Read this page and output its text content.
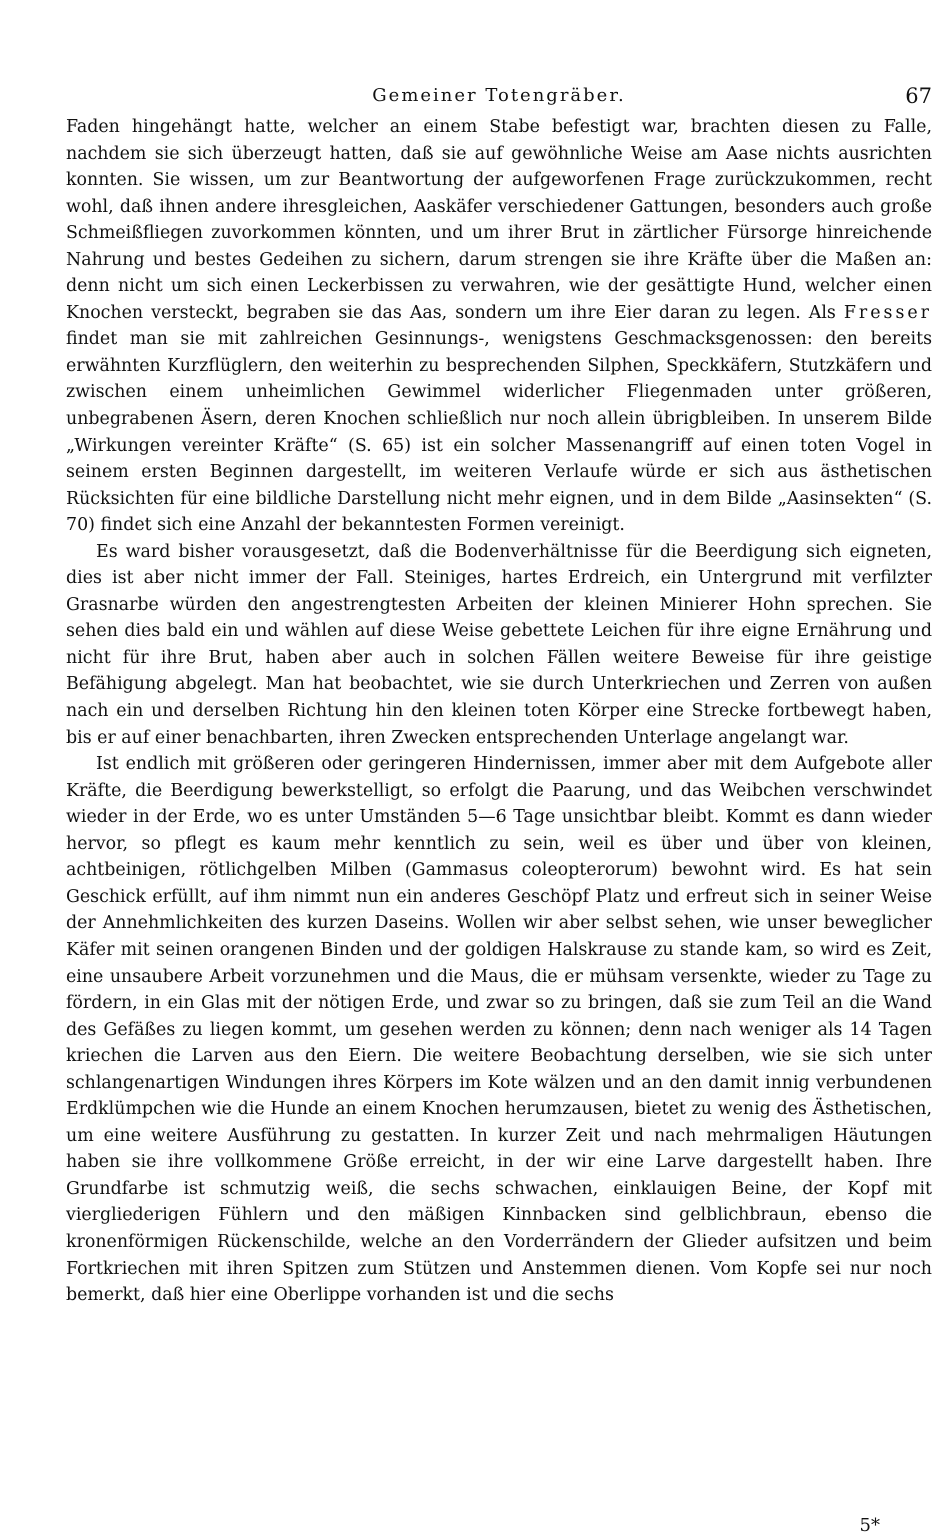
Gemeiner Totengräber.	67

Faden hingehängt hatte, welcher an einem Stabe befestigt war, brachten diesen zu Falle, nachdem sie sich überzeugt hatten, daß sie auf gewöhnliche Weise am Aase nichts ausrichten konnten. Sie wissen, um zur Beantwortung der aufgeworfenen Frage zurückzukommen, recht wohl, daß ihnen andere ihresgleichen, Aaskäfer verschiedener Gattungen, besonders auch große Schmeißfliegen zuvorkommen könnten, und um ihrer Brut in zärtlicher Fürsorge hinreichende Nahrung und bestes Gedeihen zu sichern, darum strengen sie ihre Kräfte über die Maßen an: denn nicht um sich einen Leckerbissen zu verwahren, wie der gesättigte Hund, welcher einen Knochen versteckt, begraben sie das Aas, sondern um ihre Eier daran zu legen. Als Fresser findet man sie mit zahlreichen Gesinnungs-, wenigstens Geschmacksgenossen: den bereits erwähnten Kurzflüglern, den weiterhin zu besprechenden Silphen, Speckkäfern, Stutzkäfern und zwischen einem unheimlichen Gewimmel widerlicher Fliegenmaden unter größeren, unbegrabenen Äsern, deren Knochen schließlich nur noch allein übrigbleiben. In unserem Bilde „Wirkungen vereinter Kräfte“ (S. 65) ist ein solcher Massenangriff auf einen toten Vogel in seinem ersten Beginnen dargestellt, im weiteren Verlaufe würde er sich aus ästhetischen Rücksichten für eine bildliche Darstellung nicht mehr eignen, und in dem Bilde „Aasinsekten“ (S. 70) findet sich eine Anzahl der bekanntesten Formen vereinigt.

Es ward bisher vorausgesetzt, daß die Bodenverhältnisse für die Beerdigung sich eigneten, dies ist aber nicht immer der Fall. Steiniges, hartes Erdreich, ein Untergrund mit verfilzter Grasnarbe würden den angestrengtesten Arbeiten der kleinen Minierer Hohn sprechen. Sie sehen dies bald ein und wählen auf diese Weise gebettete Leichen für ihre eigne Ernährung und nicht für ihre Brut, haben aber auch in solchen Fällen weitere Beweise für ihre geistige Befähigung abgelegt. Man hat beobachtet, wie sie durch Unterkriechen und Zerren von außen nach ein und derselben Richtung hin den kleinen toten Körper eine Strecke fortbewegt haben, bis er auf einer benachbarten, ihren Zwecken entsprechenden Unterlage angelangt war.

Ist endlich mit größeren oder geringeren Hindernissen, immer aber mit dem Aufgebote aller Kräfte, die Beerdigung bewerkstelligt, so erfolgt die Paarung, und das Weibchen verschwindet wieder in der Erde, wo es unter Umständen 5—6 Tage unsichtbar bleibt. Kommt es dann wieder hervor, so pflegt es kaum mehr kenntlich zu sein, weil es über und über von kleinen, achtbeinigen, rötlichgelben Milben (Gammasus coleopterorum) bewohnt wird. Es hat sein Geschick erfüllt, auf ihm nimmt nun ein anderes Geschöpf Platz und erfreut sich in seiner Weise der Annehmlichkeiten des kurzen Daseins. Wollen wir aber selbst sehen, wie unser beweglicher Käfer mit seinen orangenen Binden und der goldigen Halskrause zu stande kam, so wird es Zeit, eine unsaubere Arbeit vorzunehmen und die Maus, die er mühsam versenkte, wieder zu Tage zu fördern, in ein Glas mit der nötigen Erde, und zwar so zu bringen, daß sie zum Teil an die Wand des Gefäßes zu liegen kommt, um gesehen werden zu können; denn nach weniger als 14 Tagen kriechen die Larven aus den Eiern. Die weitere Beobachtung derselben, wie sie sich unter schlangenartigen Windungen ihres Körpers im Kote wälzen und an den damit innig verbundenen Erdklümpchen wie die Hunde an einem Knochen herumzausen, bietet zu wenig des Ästhetischen, um eine weitere Ausführung zu gestatten. In kurzer Zeit und nach mehrmaligen Häutungen haben sie ihre vollkommene Größe erreicht, in der wir eine Larve dargestellt haben. Ihre Grundfarbe ist schmutzig weiß, die sechs schwachen, einklauigen Beine, der Kopf mit viergliederigen Fühlern und den mäßigen Kinnbacken sind gelblichbraun, ebenso die kronenförmigen Rückenschilde, welche an den Vorderrändern der Glieder aufsitzen und beim Fortkriechen mit ihren Spitzen zum Stützen und Anstemmen dienen. Vom Kopfe sei nur noch bemerkt, daß hier eine Oberlippe vorhanden ist und die sechs

5*
